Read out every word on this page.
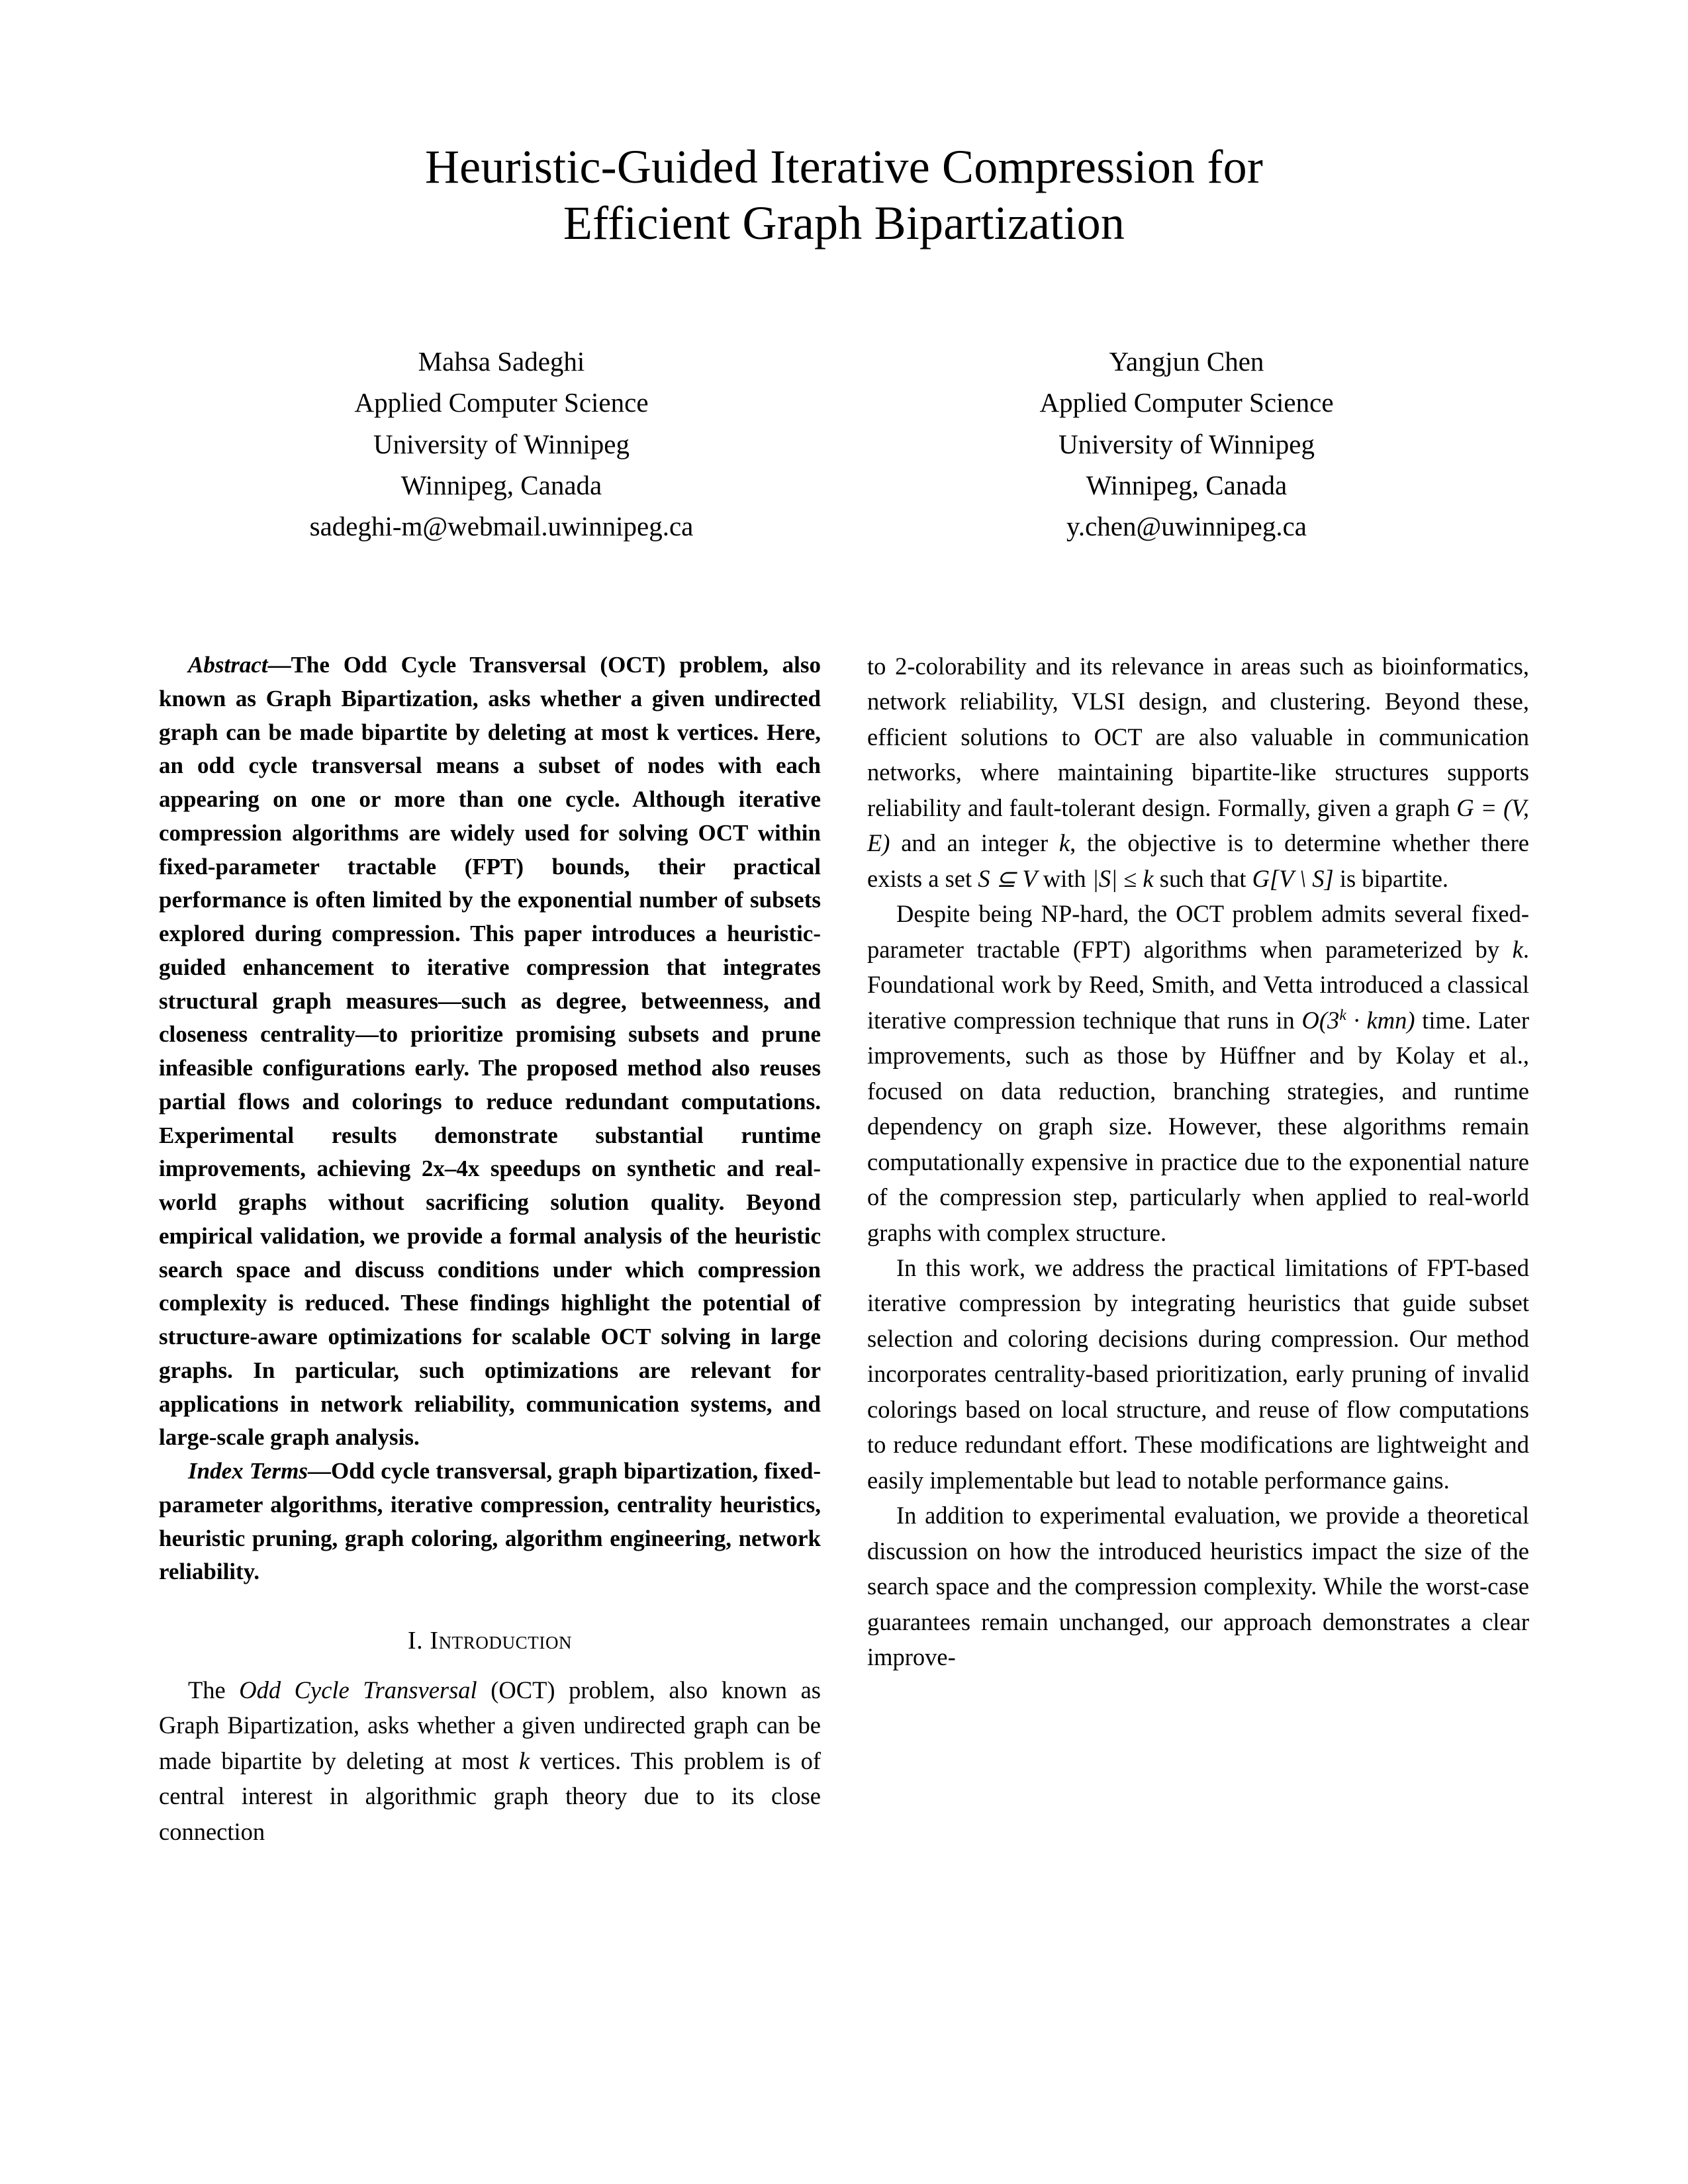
Heuristic-Guided Iterative Compression for
Efficient Graph Bipartization
Mahsa Sadeghi
Applied Computer Science
University of Winnipeg
Winnipeg, Canada
sadeghi-m@webmail.uwinnipeg.ca
Yangjun Chen
Applied Computer Science
University of Winnipeg
Winnipeg, Canada
y.chen@uwinnipeg.ca

Abstract—The Odd Cycle Transversal (OCT) problem, also known as Graph Bipartization, asks whether a given undirected graph can be made bipartite by deleting at most k vertices. Here, an odd cycle transversal means a subset of nodes with each appearing on one or more than one cycle. Although iterative compression algorithms are widely used for solving OCT within fixed-parameter tractable (FPT) bounds, their practical performance is often limited by the exponential number of subsets explored during compression. This paper introduces a heuristic-guided enhancement to iterative compression that integrates structural graph measures—such as degree, betweenness, and closeness centrality—to prioritize promising subsets and prune infeasible configurations early. The proposed method also reuses partial flows and colorings to reduce redundant computations. Experimental results demonstrate substantial runtime improvements, achieving 2x–4x speedups on synthetic and real-world graphs without sacrificing solution quality. Beyond empirical validation, we provide a formal analysis of the heuristic search space and discuss conditions under which compression complexity is reduced. These findings highlight the potential of structure-aware optimizations for scalable OCT solving in large graphs. In particular, such optimizations are relevant for applications in network reliability, communication systems, and large-scale graph analysis.

Index Terms—Odd cycle transversal, graph bipartization, fixed-parameter algorithms, iterative compression, centrality heuristics, heuristic pruning, graph coloring, algorithm engineering, network reliability.

I. Introduction

The Odd Cycle Transversal (OCT) problem, also known as Graph Bipartization, asks whether a given undirected graph can be made bipartite by deleting at most k vertices. This problem is of central interest in algorithmic graph theory due to its close connection

to 2-colorability and its relevance in areas such as bioinformatics, network reliability, VLSI design, and clustering. Beyond these, efficient solutions to OCT are also valuable in communication networks, where maintaining bipartite-like structures supports reliability and fault-tolerant design. Formally, given a graph G = (V, E) and an integer k, the objective is to determine whether there exists a set S ⊆ V with |S| ≤ k such that G[V \ S] is bipartite.

Despite being NP-hard, the OCT problem admits several fixed-parameter tractable (FPT) algorithms when parameterized by k. Foundational work by Reed, Smith, and Vetta introduced a classical iterative compression technique that runs in $O(3^k \cdot kmn)$ time. Later improvements, such as those by Hüffner and by Kolay et al., focused on data reduction, branching strategies, and runtime dependency on graph size. However, these algorithms remain computationally expensive in practice due to the exponential nature of the compression step, particularly when applied to real-world graphs with complex structure.

In this work, we address the practical limitations of FPT-based iterative compression by integrating heuristics that guide subset selection and coloring decisions during compression. Our method incorporates centrality-based prioritization, early pruning of invalid colorings based on local structure, and reuse of flow computations to reduce redundant effort. These modifications are lightweight and easily implementable but lead to notable performance gains.

In addition to experimental evaluation, we provide a theoretical discussion on how the introduced heuristics impact the size of the search space and the compression complexity. While the worst-case guarantees remain unchanged, our approach demonstrates a clear improve-
